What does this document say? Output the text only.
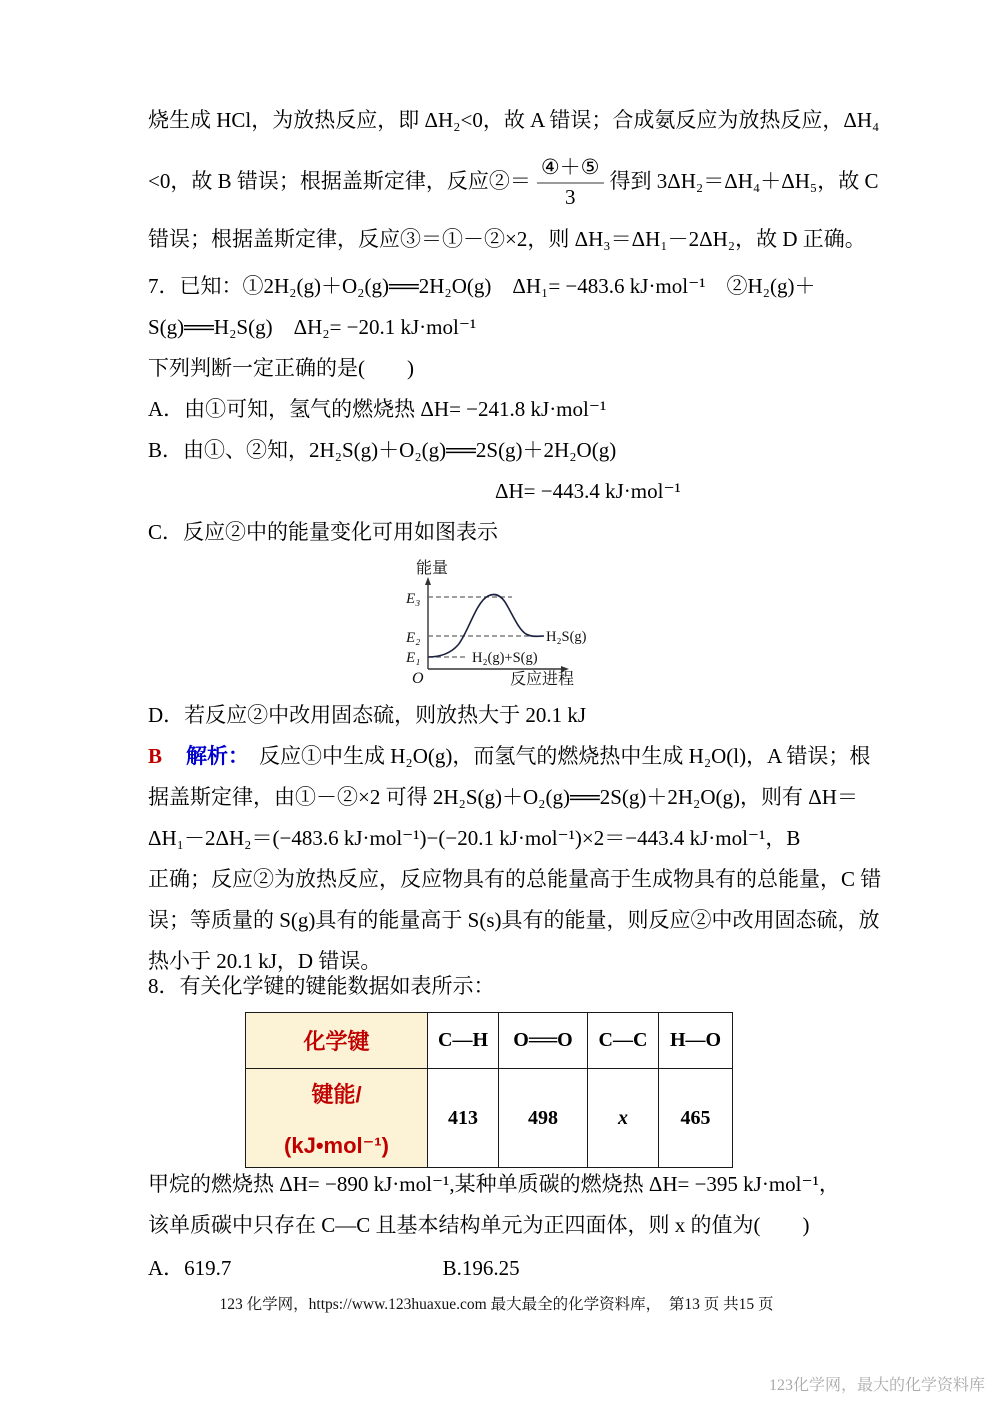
烧生成 HCl，为放热反应，即 ΔH₂<0，故 A 错误；合成氨反应为放热反应，ΔH₄
<0，故 B 错误；根据盖斯定律，反应②＝ $\frac{\text{④＋⑤}}{3}$ 得到 3ΔH₂＝ΔH₄＋ΔH₅，故 C
错误；根据盖斯定律，反应③＝①－②×2，则 ΔH₃＝ΔH₁－2ΔH₂，故 D 正确。
7．已知：①2H₂(g)＋O₂(g)══2H₂O(g)　ΔH₁= −483.6 kJ·mol⁻¹　②H₂(g)＋
S(g)══H₂S(g)　ΔH₂= −20.1 kJ·mol⁻¹
下列判断一定正确的是(　　)
A．由①可知，氢气的燃烧热 ΔH= −241.8 kJ·mol⁻¹
B．由①、②知，2H₂S(g)＋O₂(g)══2S(g)＋2H₂O(g)
ΔH= −443.4 kJ·mol⁻¹
C．反应②中的能量变化可用如图表示
能量
E₃
E₂
E₁
H₂S(g)
H₂(g)+S(g)
O	反应进程
D．若反应②中改用固态硫，则放热大于 20.1 kJ
B 解析： 反应①中生成 H₂O(g)，而氢气的燃烧热中生成 H₂O(l)，A 错误；根
据盖斯定律，由①－②×2 可得 2H₂S(g)＋O₂(g)══2S(g)＋2H₂O(g)，则有 ΔH＝
ΔH₁－2ΔH₂＝(−483.6 kJ·mol⁻¹)−(−20.1 kJ·mol⁻¹)×2＝−443.4 kJ·mol⁻¹，B
正确；反应②为放热反应，反应物具有的总能量高于生成物具有的总能量，C 错
误；等质量的 S(g)具有的能量高于 S(s)具有的能量，则反应②中改用固态硫，放
热小于 20.1 kJ，D 错误。
8．有关化学键的键能数据如表所示：
化学键	C—H	O══O	C—C	H—O

键能/
(kJ•mol⁻¹)	413	498	x	465
甲烷的燃烧热 ΔH= −890 kJ·mol⁻¹,某种单质碳的燃烧热 ΔH= −395 kJ·mol⁻¹，
该单质碳中只存在 C—C 且基本结构单元为正四面体，则 x 的值为(　　)
A．619.7	B.196.25
123 化学网，https://www.123huaxue.com 最大最全的化学资料库，　第13 页 共15 页
123化学网，最大的化学资料库
